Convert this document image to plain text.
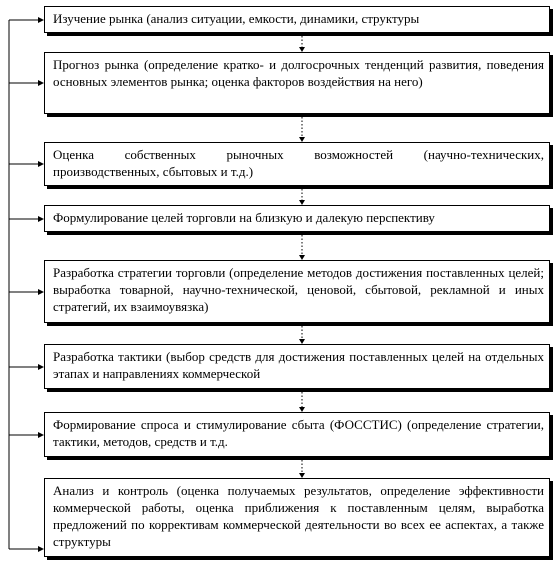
Изучение рынка (анализ ситуации, емкости, динамики, структуры
Прогноз рынка (определение кратко- и долгосрочных тенденций развития, поведения основных элементов рынка; оценка факторов воздействия на него)
Оценка собственных рыночных возможностей (научно-технических, производственных, сбытовых и т.д.)
Формулирование целей торговли на близкую и далекую перспективу
Разработка стратегии торговли (определение методов достижения поставленных целей; выработка товарной, научно-технической, ценовой, сбытовой, рекламной и иных стратегий, их взаимоувязка)
Разработка тактики (выбор средств для достижения поставленных целей на отдельных этапах и направлениях коммерческой
Формирование спроса и стимулирование сбыта (ФОССТИС) (определение стратегии, тактики, методов, средств и т.д.
Анализ и контроль (оценка получаемых результатов, определение эффективности коммерческой работы, оценка приближения к поставленным целям, выработка предложений по коррективам коммерческой деятельности во всех ее аспектах, а также структуры
